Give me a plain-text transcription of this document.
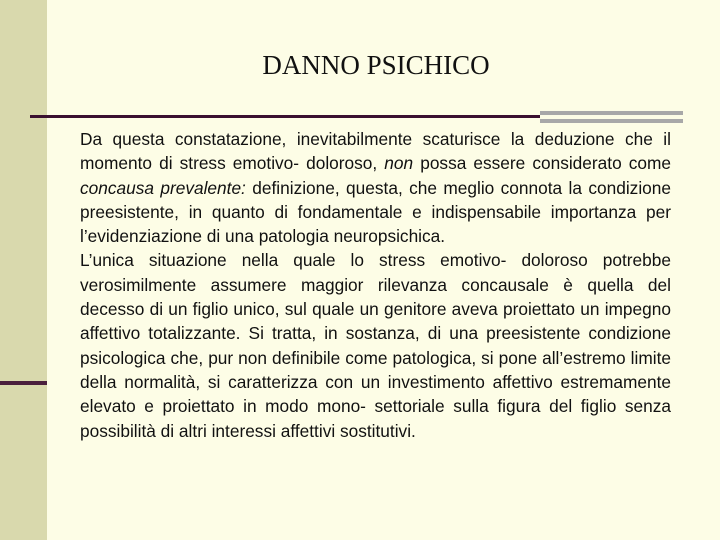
DANNO PSICHICO

Da questa constatazione, inevitabilmente scaturisce la deduzione che il momento di stress emotivo- doloroso, non possa essere considerato come concausa prevalente: definizione, questa, che meglio connota la condizione preesistente, in quanto di fondamentale e indispensabile importanza per l’evidenziazione di una patologia neuropsichica.

L’unica situazione nella quale lo stress emotivo- doloroso potrebbe verosimilmente assumere maggior rilevanza concausale è quella del decesso di un figlio unico, sul quale un genitore aveva proiettato un impegno affettivo totalizzante. Si tratta, in sostanza, di una preesistente condizione psicologica che, pur non definibile come patologica, si pone all’estremo limite della normalità, si caratterizza con un investimento affettivo estremamente elevato e proiettato in modo mono- settoriale sulla figura del figlio senza possibilità di altri interessi affettivi sostitutivi.
